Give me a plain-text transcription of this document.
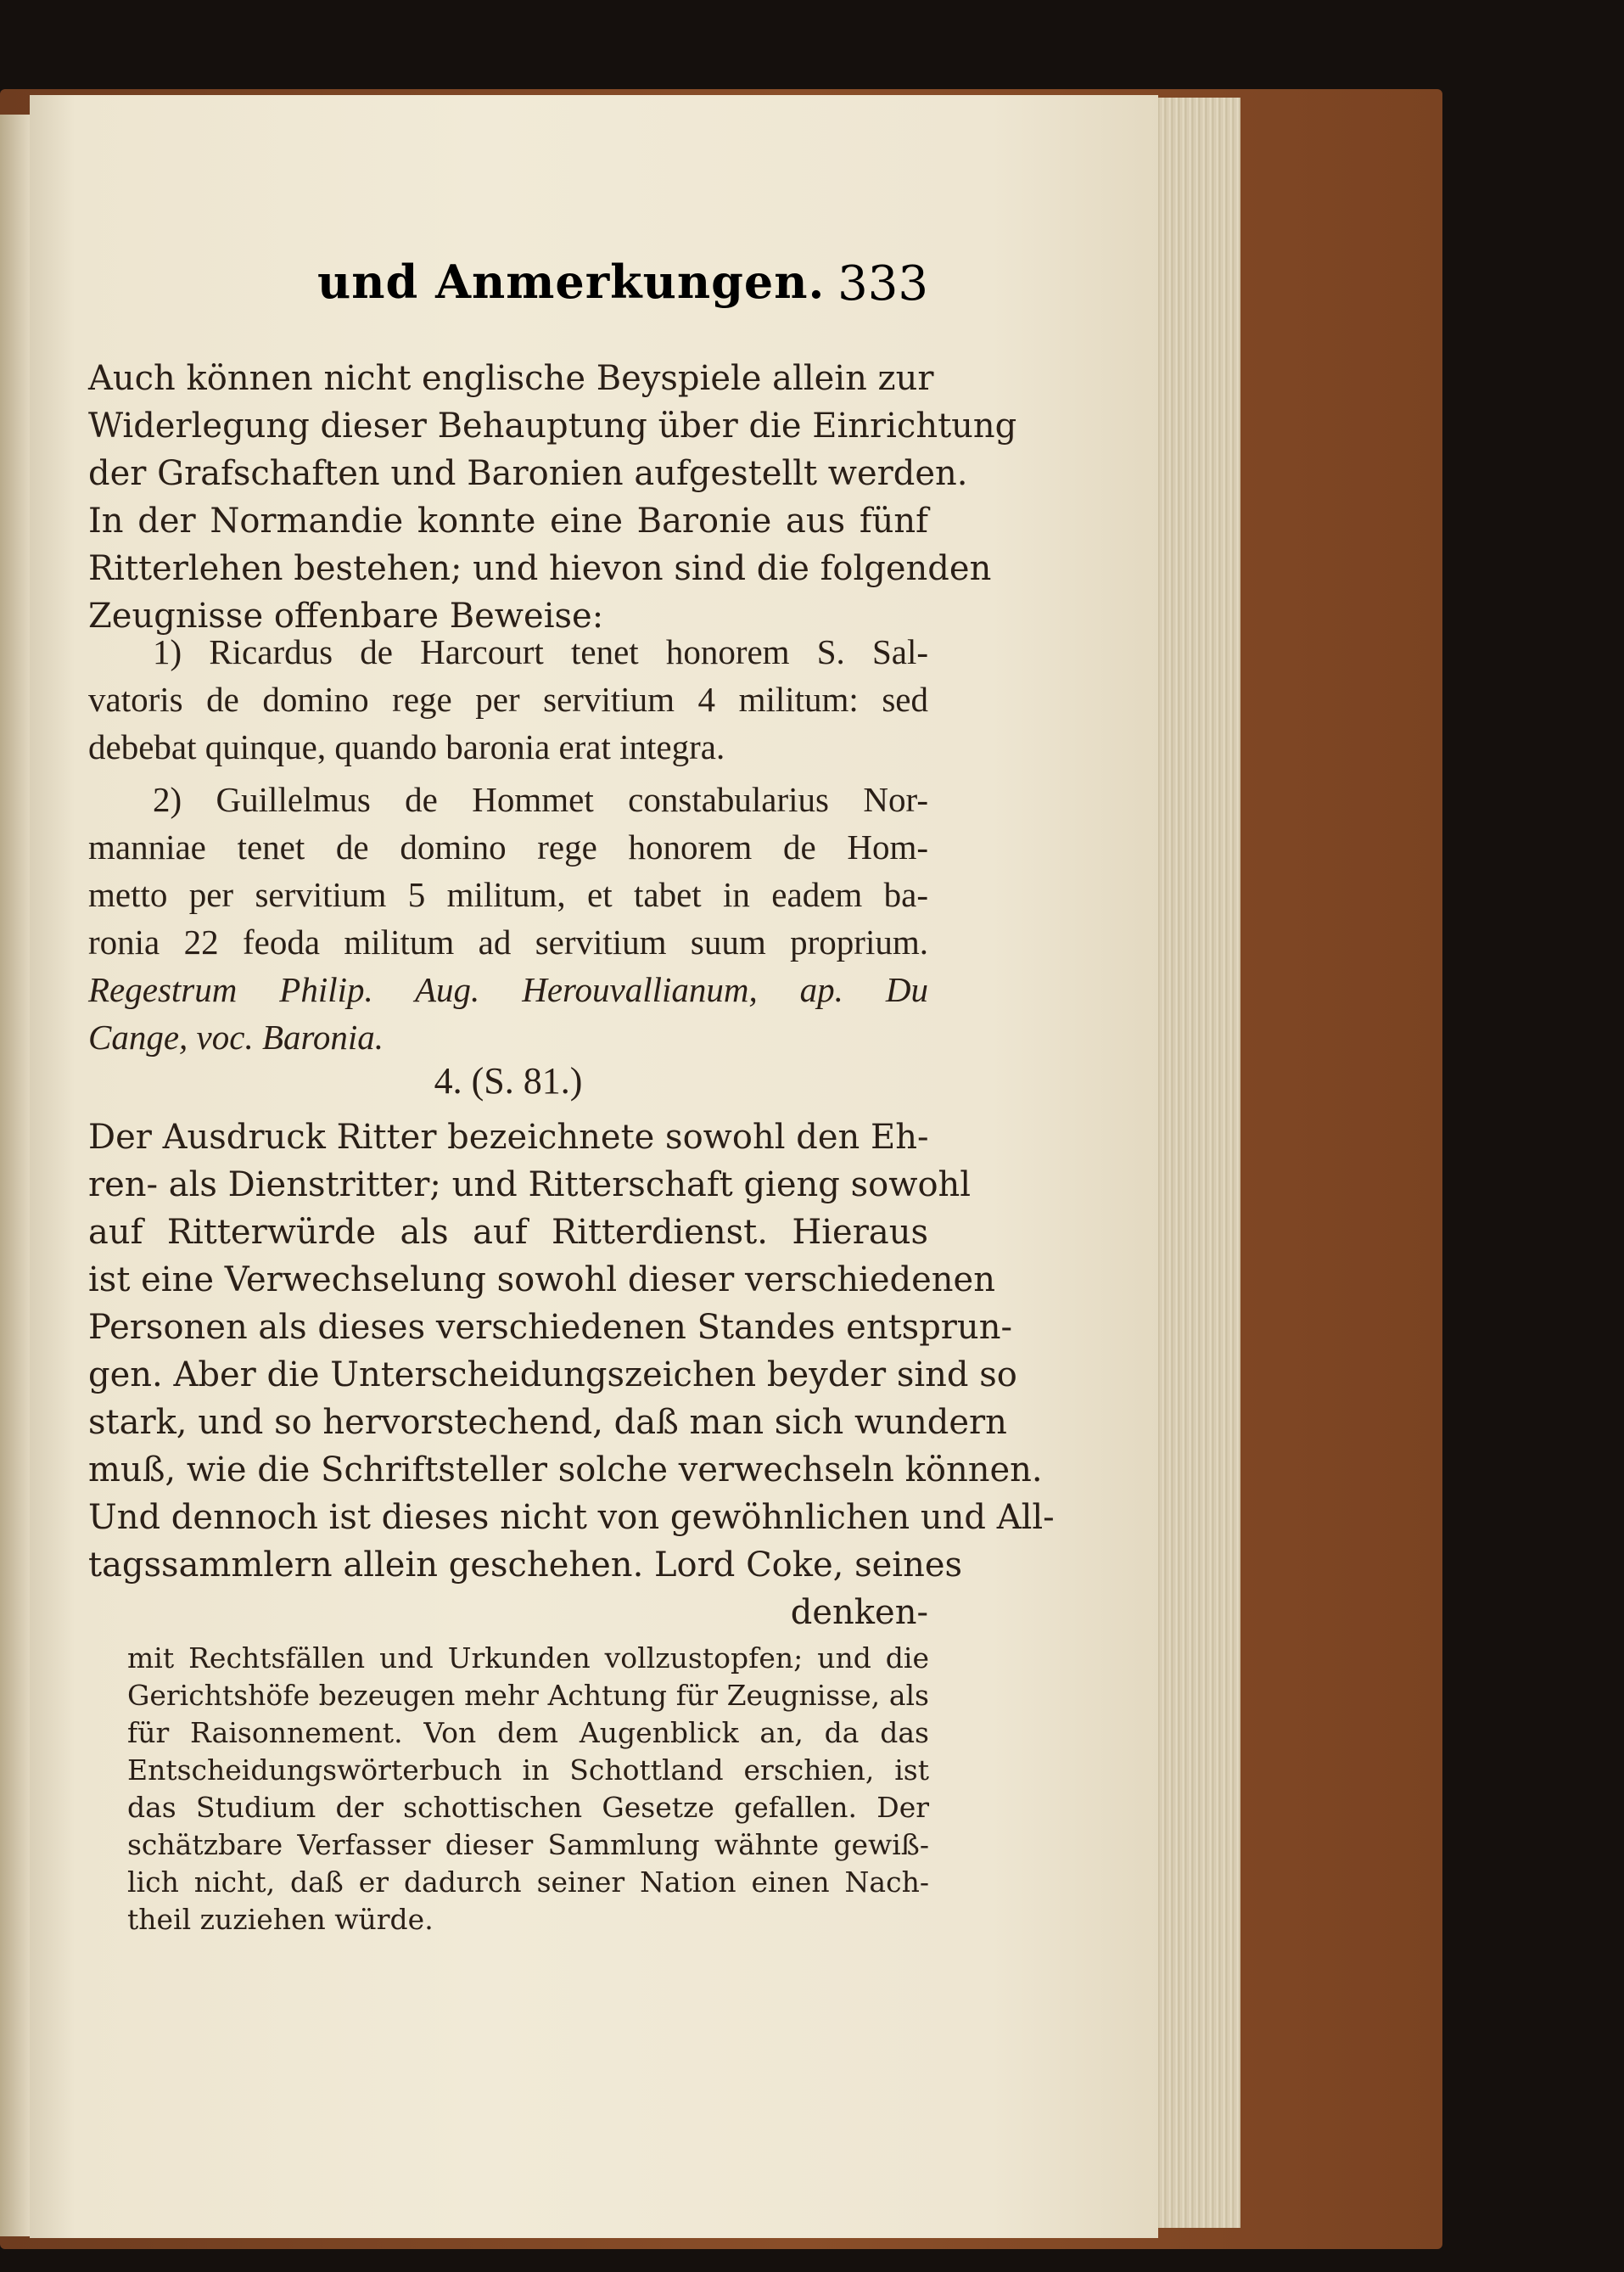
und Anmerkungen. 333
Auch können nicht englische Beyspiele allein zur
Widerlegung dieser Behauptung über die Einrichtung
der Grafschaften und Baronien aufgestellt werden.
In der Normandie konnte eine Baronie aus fünf
Ritterlehen bestehen; und hievon sind die folgenden
Zeugnisse offenbare Beweise:
1) Ricardus de Harcourt tenet honorem S. Sal-
vatoris de domino rege per servitium 4 militum: sed
debebat quinque, quando baronia erat integra.
2) Guillelmus de Hommet constabularius Nor-
manniae tenet de domino rege honorem de Hom-
metto per servitium 5 militum, et tabet in eadem ba-
ronia 22 feoda militum ad servitium suum proprium.
Regestrum Philip. Aug. Herouvallianum, ap. Du
Cange, voc. Baronia.
4. (S. 81.)
Der Ausdruck Ritter bezeichnete sowohl den Eh-
ren- als Dienstritter; und Ritterschaft gieng sowohl
auf Ritterwürde als auf Ritterdienst. Hieraus
ist eine Verwechselung sowohl dieser verschiedenen
Personen als dieses verschiedenen Standes entsprun-
gen. Aber die Unterscheidungszeichen beyder sind so
stark, und so hervorstechend, daß man sich wundern
muß, wie die Schriftsteller solche verwechseln können.
Und dennoch ist dieses nicht von gewöhnlichen und All-
tagssammlern allein geschehen. Lord Coke, seines
denken-
mit Rechtsfällen und Urkunden vollzustopfen; und die
Gerichtshöfe bezeugen mehr Achtung für Zeugnisse, als
für Raisonnement. Von dem Augenblick an, da das
Entscheidungswörterbuch in Schottland erschien, ist
das Studium der schottischen Gesetze gefallen. Der
schätzbare Verfasser dieser Sammlung wähnte gewiß-
lich nicht, daß er dadurch seiner Nation einen Nach-
theil zuziehen würde.
